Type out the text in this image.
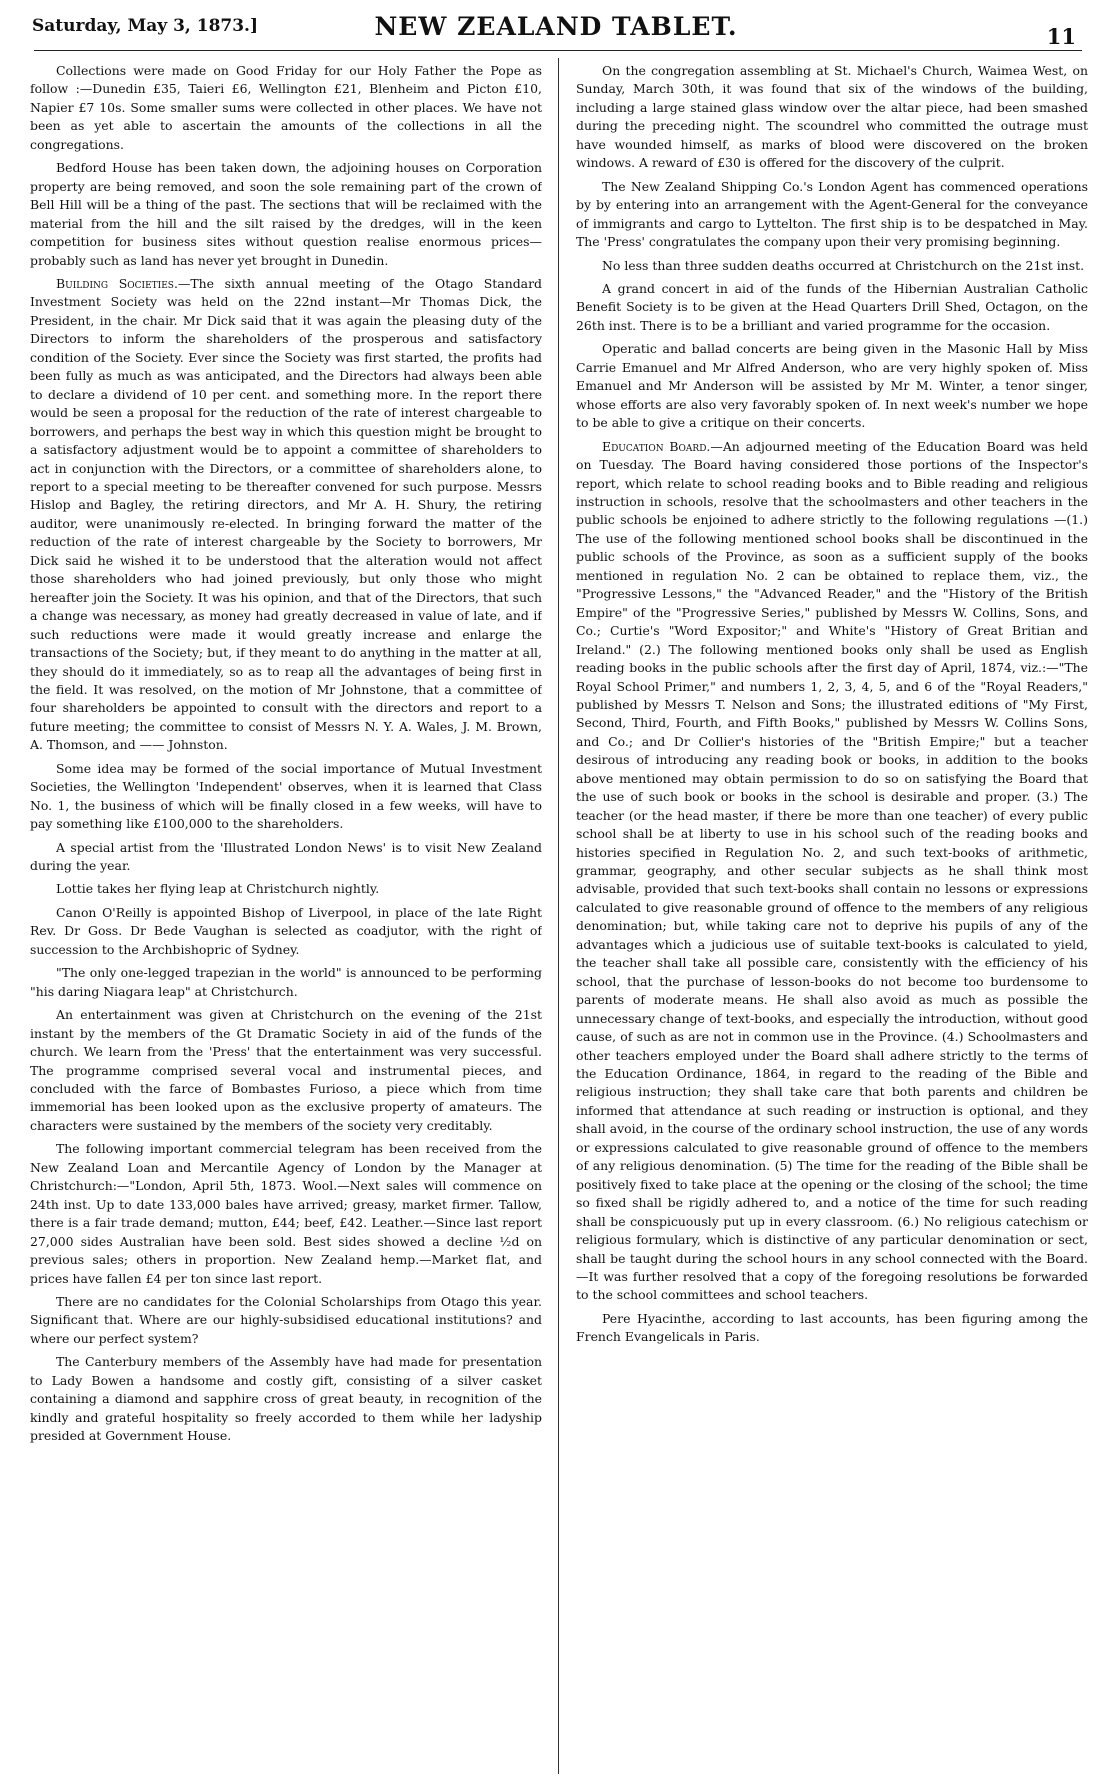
Saturday, May 3, 1873.]	NEW ZEALAND TABLET.	11

Collections were made on Good Friday for our Holy Father the Pope as follow :—Dunedin £35, Taieri £6, Wellington £21, Blenheim and Picton £10, Napier £7 10s. Some smaller sums were collected in other places. We have not been as yet able to ascertain the amounts of the collections in all the congregations.

Bedford House has been taken down, the adjoining houses on Corporation property are being removed, and soon the sole remaining part of the crown of Bell Hill will be a thing of the past. The sections that will be reclaimed with the material from the hill and the silt raised by the dredges, will in the keen competition for business sites without question realise enormous prices—probably such as land has never yet brought in Dunedin.

Building Societies.—The sixth annual meeting of the Otago Standard Investment Society was held on the 22nd instant—Mr Thomas Dick, the President, in the chair. Mr Dick said that it was again the pleasing duty of the Directors to inform the shareholders of the prosperous and satisfactory condition of the Society. Ever since the Society was first started, the profits had been fully as much as was anticipated, and the Directors had always been able to declare a dividend of 10 per cent. and something more. In the report there would be seen a proposal for the reduction of the rate of interest chargeable to borrowers, and perhaps the best way in which this question might be brought to a satisfactory adjustment would be to appoint a committee of shareholders to act in conjunction with the Directors, or a committee of shareholders alone, to report to a special meeting to be thereafter convened for such purpose. Messrs Hislop and Bagley, the retiring directors, and Mr A. H. Shury, the retiring auditor, were unanimously re-elected. In bringing forward the matter of the reduction of the rate of interest chargeable by the Society to borrowers, Mr Dick said he wished it to be understood that the alteration would not affect those shareholders who had joined previously, but only those who might hereafter join the Society. It was his opinion, and that of the Directors, that such a change was necessary, as money had greatly decreased in value of late, and if such reductions were made it would greatly increase and enlarge the transactions of the Society; but, if they meant to do anything in the matter at all, they should do it immediately, so as to reap all the advantages of being first in the field. It was resolved, on the motion of Mr Johnstone, that a committee of four shareholders be appointed to consult with the directors and report to a future meeting; the committee to consist of Messrs N. Y. A. Wales, J. M. Brown, A. Thomson, and —— Johnston.

Some idea may be formed of the social importance of Mutual Investment Societies, the Wellington 'Independent' observes, when it is learned that Class No. 1, the business of which will be finally closed in a few weeks, will have to pay something like £100,000 to the shareholders.

A special artist from the 'Illustrated London News' is to visit New Zealand during the year.

Lottie takes her flying leap at Christchurch nightly.

Canon O'Reilly is appointed Bishop of Liverpool, in place of the late Right Rev. Dr Goss. Dr Bede Vaughan is selected as coadjutor, with the right of succession to the Archbishopric of Sydney.

"The only one-legged trapezian in the world" is announced to be performing "his daring Niagara leap" at Christchurch.

An entertainment was given at Christchurch on the evening of the 21st instant by the members of the Gt Dramatic Society in aid of the funds of the church. We learn from the 'Press' that the entertainment was very successful. The programme comprised several vocal and instrumental pieces, and concluded with the farce of Bombastes Furioso, a piece which from time immemorial has been looked upon as the exclusive property of amateurs. The characters were sustained by the members of the society very creditably.

The following important commercial telegram has been received from the New Zealand Loan and Mercantile Agency of London by the Manager at Christchurch:—"London, April 5th, 1873. Wool.—Next sales will commence on 24th inst. Up to date 133,000 bales have arrived; greasy, market firmer. Tallow, there is a fair trade demand; mutton, £44; beef, £42. Leather.—Since last report 27,000 sides Australian have been sold. Best sides showed a decline ½d on previous sales; others in proportion. New Zealand hemp.—Market flat, and prices have fallen £4 per ton since last report.

There are no candidates for the Colonial Scholarships from Otago this year. Significant that. Where are our highly-subsidised educational institutions? and where our perfect system?

The Canterbury members of the Assembly have had made for presentation to Lady Bowen a handsome and costly gift, consisting of a silver casket containing a diamond and sapphire cross of great beauty, in recognition of the kindly and grateful hospitality so freely accorded to them while her ladyship presided at Government House.

On the congregation assembling at St. Michael's Church, Waimea West, on Sunday, March 30th, it was found that six of the windows of the building, including a large stained glass window over the altar piece, had been smashed during the preceding night. The scoundrel who committed the outrage must have wounded himself, as marks of blood were discovered on the broken windows. A reward of £30 is offered for the discovery of the culprit.

The New Zealand Shipping Co.'s London Agent has commenced operations by by entering into an arrangement with the Agent-General for the conveyance of immigrants and cargo to Lyttelton. The first ship is to be despatched in May. The 'Press' congratulates the company upon their very promising beginning.

No less than three sudden deaths occurred at Christchurch on the 21st inst.

A grand concert in aid of the funds of the Hibernian Australian Catholic Benefit Society is to be given at the Head Quarters Drill Shed, Octagon, on the 26th inst. There is to be a brilliant and varied programme for the occasion.

Operatic and ballad concerts are being given in the Masonic Hall by Miss Carrie Emanuel and Mr Alfred Anderson, who are very highly spoken of. Miss Emanuel and Mr Anderson will be assisted by Mr M. Winter, a tenor singer, whose efforts are also very favorably spoken of. In next week's number we hope to be able to give a critique on their concerts.

Education Board.—An adjourned meeting of the Education Board was held on Tuesday. The Board having considered those portions of the Inspector's report, which relate to school reading books and to Bible reading and religious instruction in schools, resolve that the schoolmasters and other teachers in the public schools be enjoined to adhere strictly to the following regulations —(1.) The use of the following mentioned school books shall be discontinued in the public schools of the Province, as soon as a sufficient supply of the books mentioned in regulation No. 2 can be obtained to replace them, viz., the "Progressive Lessons," the "Advanced Reader," and the "History of the British Empire" of the "Progressive Series," published by Messrs W. Collins, Sons, and Co.; Curtie's "Word Expositor;" and White's "History of Great Britian and Ireland." (2.) The following mentioned books only shall be used as English reading books in the public schools after the first day of April, 1874, viz.:—"The Royal School Primer," and numbers 1, 2, 3, 4, 5, and 6 of the "Royal Readers," published by Messrs T. Nelson and Sons; the illustrated editions of "My First, Second, Third, Fourth, and Fifth Books," published by Messrs W. Collins Sons, and Co.; and Dr Collier's histories of the "British Empire;" but a teacher desirous of introducing any reading book or books, in addition to the books above mentioned may obtain permission to do so on satisfying the Board that the use of such book or books in the school is desirable and proper. (3.) The teacher (or the head master, if there be more than one teacher) of every public school shall be at liberty to use in his school such of the reading books and histories specified in Regulation No. 2, and such text-books of arithmetic, grammar, geography, and other secular subjects as he shall think most advisable, provided that such text-books shall contain no lessons or expressions calculated to give reasonable ground of offence to the members of any religious denomination; but, while taking care not to deprive his pupils of any of the advantages which a judicious use of suitable text-books is calculated to yield, the teacher shall take all possible care, consistently with the efficiency of his school, that the purchase of lesson-books do not become too burdensome to parents of moderate means. He shall also avoid as much as possible the unnecessary change of text-books, and especially the introduction, without good cause, of such as are not in common use in the Province. (4.) Schoolmasters and other teachers employed under the Board shall adhere strictly to the terms of the Education Ordinance, 1864, in regard to the reading of the Bible and religious instruction; they shall take care that both parents and children be informed that attendance at such reading or instruction is optional, and they shall avoid, in the course of the ordinary school instruction, the use of any words or expressions calculated to give reasonable ground of offence to the members of any religious denomination. (5) The time for the reading of the Bible shall be positively fixed to take place at the opening or the closing of the school; the time so fixed shall be rigidly adhered to, and a notice of the time for such reading shall be conspicuously put up in every classroom. (6.) No religious catechism or religious formulary, which is distinctive of any particular denomination or sect, shall be taught during the school hours in any school connected with the Board.—It was further resolved that a copy of the foregoing resolutions be forwarded to the school committees and school teachers.

Pere Hyacinthe, according to last accounts, has been figuring among the French Evangelicals in Paris.
